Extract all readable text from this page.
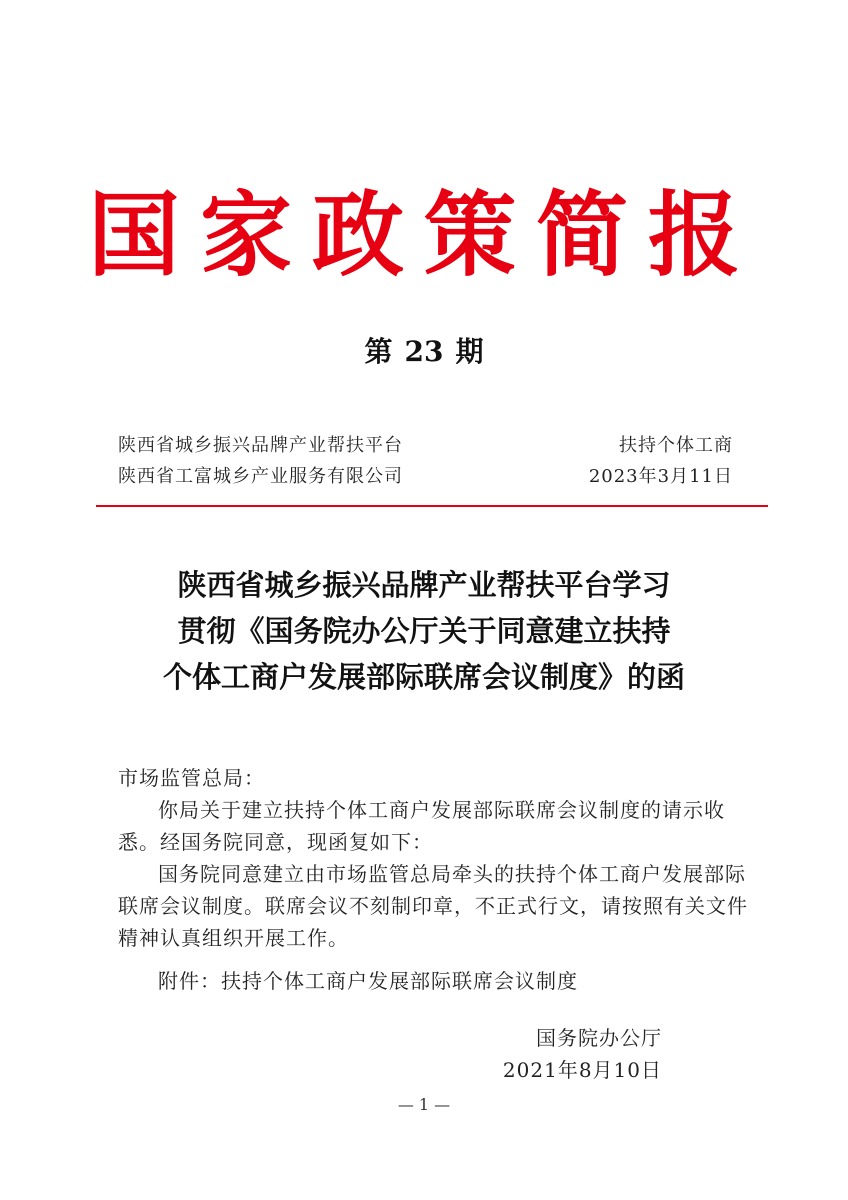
国家政策简报
第 23 期
陕西省城乡振兴品牌产业帮扶平台	扶持个体工商
陕西省工富城乡产业服务有限公司	2023年3月11日
陕西省城乡振兴品牌产业帮扶平台学习
贯彻《国务院办公厅关于同意建立扶持
个体工商户发展部际联席会议制度》的函

市场监管总局：

你局关于建立扶持个体工商户发展部际联席会议制度的请示收悉。经国务院同意，现函复如下：

国务院同意建立由市场监管总局牵头的扶持个体工商户发展部际联席会议制度。联席会议不刻制印章，不正式行文，请按照有关文件精神认真组织开展工作。

附件：扶持个体工商户发展部际联席会议制度
国务院办公厅
2021年8月10日
— 1 —
